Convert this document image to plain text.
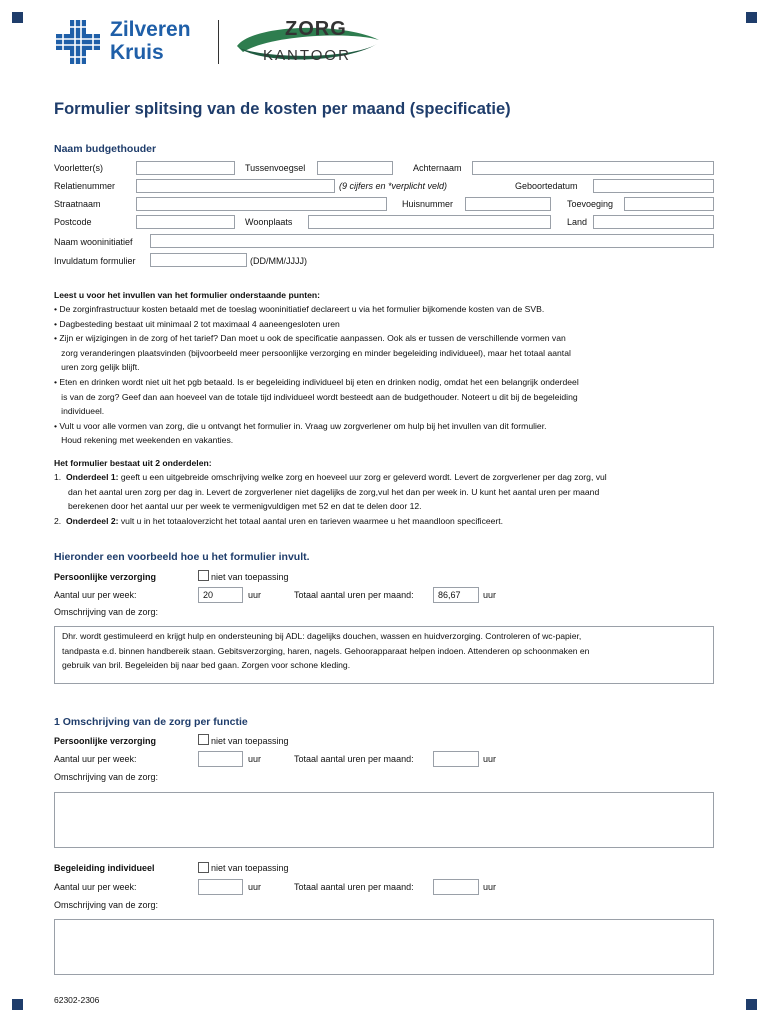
Zilveren
Kruis
ZORG
KANTOOR
Formulier splitsing van de kosten per maand (specificatie)
Naam budgethouder
Voorletter(s)	Tussenvoegsel	Achternaam
Relatienummer	(9 cijfers en *verplicht veld)	Geboortedatum
Straatnaam	Huisnummer	Toevoeging
Postcode	Woonplaats	Land
Naam wooninitiatief
Invuldatum formulier	(DD/MM/JJJJ)
Leest u voor het invullen van het formulier onderstaande punten:
• De zorginfrastructuur kosten betaald met de toeslag wooninitiatief declareert u via het formulier bijkomende kosten van de SVB.
• Dagbesteding bestaat uit minimaal 2 tot maximaal 4 aaneengesloten uren
• Zijn er wijzigingen in de zorg of het tarief? Dan moet u ook de specificatie aanpassen. Ook als er tussen de verschillende vormen van
zorg veranderingen plaatsvinden (bijvoorbeeld meer persoonlijke verzorging en minder begeleiding individueel), maar het totaal aantal
uren zorg gelijk blijft.
• Eten en drinken wordt niet uit het pgb betaald. Is er begeleiding individueel bij eten en drinken nodig, omdat het een belangrijk onderdeel
is van de zorg? Geef dan aan hoeveel van de totale tijd individueel wordt besteedt aan de budgethouder. Noteert u dit bij de begeleiding
individueel.
• Vult u voor alle vormen van zorg, die u ontvangt het formulier in. Vraag uw zorgverlener om hulp bij het invullen van dit formulier.
Houd rekening met weekenden en vakanties.
Het formulier bestaat uit 2 onderdelen:
1.  Onderdeel 1: geeft u een uitgebreide omschrijving welke zorg en hoeveel uur zorg er geleverd wordt. Levert de zorgverlener per dag zorg, vul
dan het aantal uren zorg per dag in. Levert de zorgverlener niet dagelijks de zorg,vul het dan per week in. U kunt het aantal uren per maand
berekenen door het aantal uur per week te vermenigvuldigen met 52 en dat te delen door 12.
2.  Onderdeel 2: vult u in het totaaloverzicht het totaal aantal uren en tarieven waarmee u het maandloon specificeert.
Hieronder een voorbeeld hoe u het formulier invult.
Persoonlijke verzorging	niet van toepassing
Aantal uur per week:	20	uur	Totaal aantal uren per maand:	86,67	uur
Omschrijving van de zorg:
Dhr. wordt gestimuleerd en krijgt hulp en ondersteuning bij ADL: dagelijks douchen, wassen en huidverzorging. Controleren of wc-papier,
tandpasta e.d. binnen handbereik staan. Gebitsverzorging, haren, nagels. Gehoorapparaat helpen indoen. Attenderen op schoonmaken en
gebruik van bril. Begeleiden bij naar bed gaan. Zorgen voor schone kleding.
1 Omschrijving van de zorg per functie
Persoonlijke verzorging	niet van toepassing
Aantal uur per week:	uur	Totaal aantal uren per maand:	uur
Omschrijving van de zorg:
Begeleiding individueel	niet van toepassing
Aantal uur per week:	uur	Totaal aantal uren per maand:	uur
Omschrijving van de zorg:
62302-2306
